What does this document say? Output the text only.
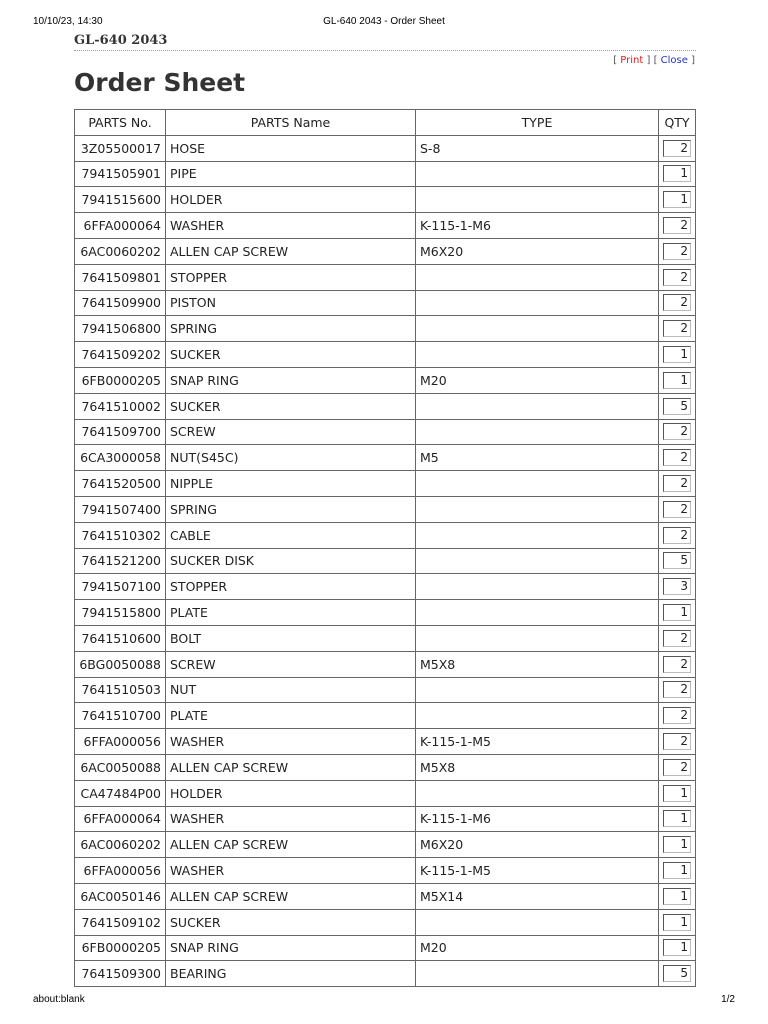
10/10/23, 14:30	GL-640 2043 - Order Sheet
GL-640 2043
[ Print ] [ Close ]
Order Sheet
PARTS No.	PARTS Name	TYPE	QTY
3Z05500017	HOSE	S-8	2
7941505901	PIPE		1
7941515600	HOLDER		1
6FFA000064	WASHER	K-115-1-M6	2
6AC0060202	ALLEN CAP SCREW	M6X20	2
7641509801	STOPPER		2
7641509900	PISTON		2
7941506800	SPRING		2
7641509202	SUCKER		1
6FB0000205	SNAP RING	M20	1
7641510002	SUCKER		5
7641509700	SCREW		2
6CA3000058	NUT(S45C)	M5	2
7641520500	NIPPLE		2
7941507400	SPRING		2
7641510302	CABLE		2
7641521200	SUCKER DISK		5
7941507100	STOPPER		3
7941515800	PLATE		1
7641510600	BOLT		2
6BG0050088	SCREW	M5X8	2
7641510503	NUT		2
7641510700	PLATE		2
6FFA000056	WASHER	K-115-1-M5	2
6AC0050088	ALLEN CAP SCREW	M5X8	2
CA47484P00	HOLDER		1
6FFA000064	WASHER	K-115-1-M6	1
6AC0060202	ALLEN CAP SCREW	M6X20	1
6FFA000056	WASHER	K-115-1-M5	1
6AC0050146	ALLEN CAP SCREW	M5X14	1
7641509102	SUCKER		1
6FB0000205	SNAP RING	M20	1
7641509300	BEARING		5
about:blank	1/2
